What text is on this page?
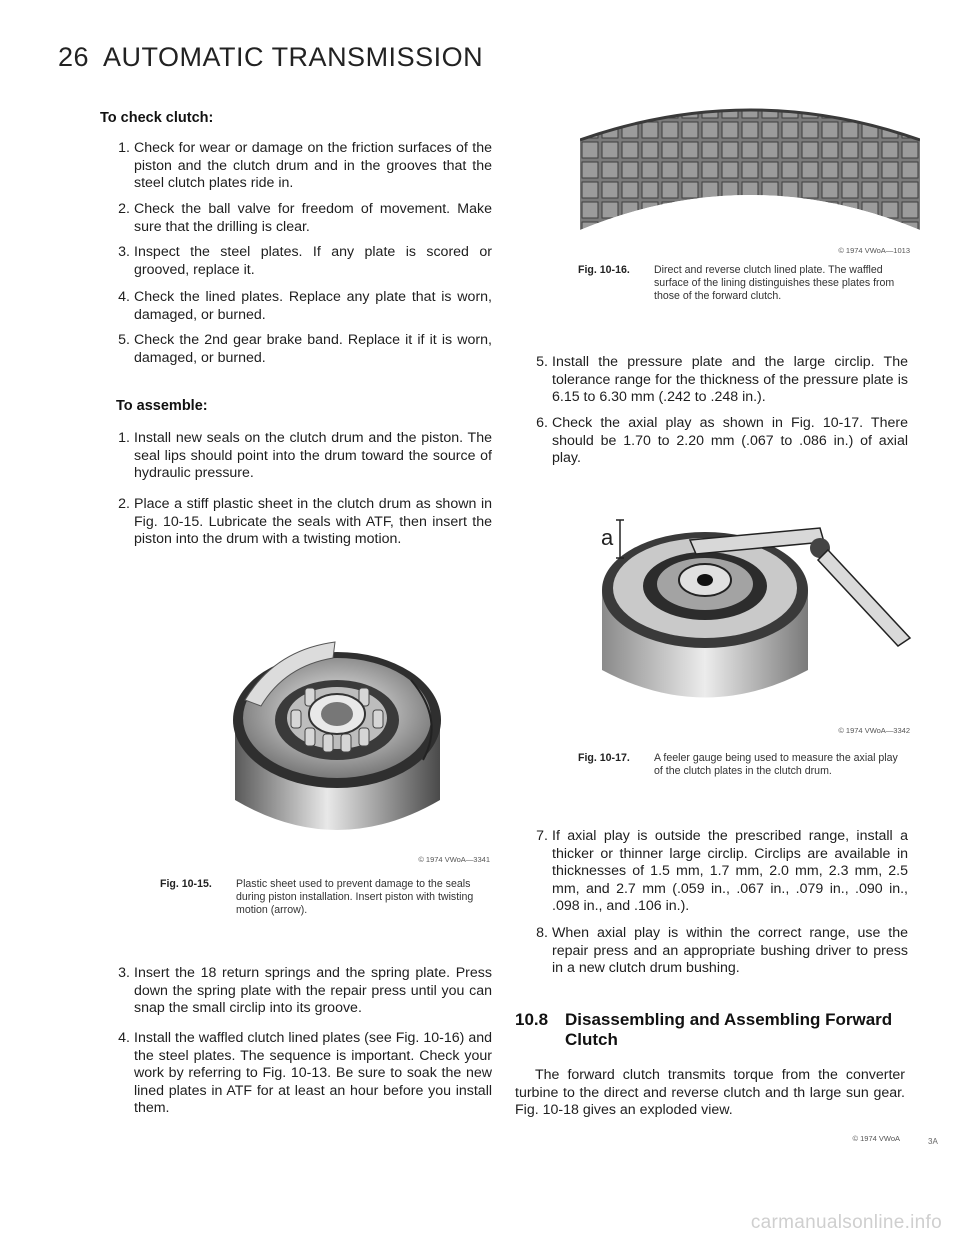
26 AUTOMATIC TRANSMISSION
To check clutch:
1. Check for wear or damage on the friction surfaces of the piston and the clutch drum and in the grooves that the steel clutch plates ride in.
2. Check the ball valve for freedom of movement. Make sure that the drilling is clear.
3. Inspect the steel plates. If any plate is scored or grooved, replace it.
4. Check the lined plates. Replace any plate that is worn, damaged, or burned.
5. Check the 2nd gear brake band. Replace it if it is worn, damaged, or burned.
To assemble:
1. Install new seals on the clutch drum and the piston. The seal lips should point into the drum toward the source of hydraulic pressure.
2. Place a stiff plastic sheet in the clutch drum as shown in Fig. 10-15. Lubricate the seals with ATF, then insert the piston into the drum with a twisting motion.
© 1974 VWoA—3341
Fig. 10-15.	Plastic sheet used to prevent damage to the seals during piston installation. Insert piston with twisting motion (arrow).
3. Insert the 18 return springs and the spring plate. Press down the spring plate with the repair press until you can snap the small circlip into its groove.
4. Install the waffled clutch lined plates (see Fig. 10-16) and the steel plates. The sequence is important. Check your work by referring to Fig. 10-13. Be sure to soak the new lined plates in ATF for at least an hour before you install them.
© 1974 VWoA—1013
Fig. 10-16.	Direct and reverse clutch lined plate. The waffled surface of the lining distinguishes these plates from those of the forward clutch.
5. Install the pressure plate and the large circlip. The tolerance range for the thickness of the pressure plate is 6.15 to 6.30 mm (.242 to .248 in.).
6. Check the axial play as shown in Fig. 10-17. There should be 1.70 to 2.20 mm (.067 to .086 in.) of axial play.
a
© 1974 VWoA—3342
Fig. 10-17.	A feeler gauge being used to measure the axial play of the clutch plates in the clutch drum.
7. If axial play is outside the prescribed range, install a thicker or thinner large circlip. Circlips are available in thicknesses of 1.5 mm, 1.7 mm, 2.0 mm, 2.3 mm, 2.5 mm, and 2.7 mm (.059 in., .067 in., .079 in., .090 in., .098 in., and .106 in.).
8. When axial play is within the correct range, use the repair press and an appropriate bushing driver to press in a new clutch drum bushing.
10.8 Disassembling and Assembling Forward Clutch
The forward clutch transmits torque from the converter turbine to the direct and reverse clutch and th large sun gear. Fig. 10-18 gives an exploded view.
© 1974 VWoA	3A
carmanualsonline.info
